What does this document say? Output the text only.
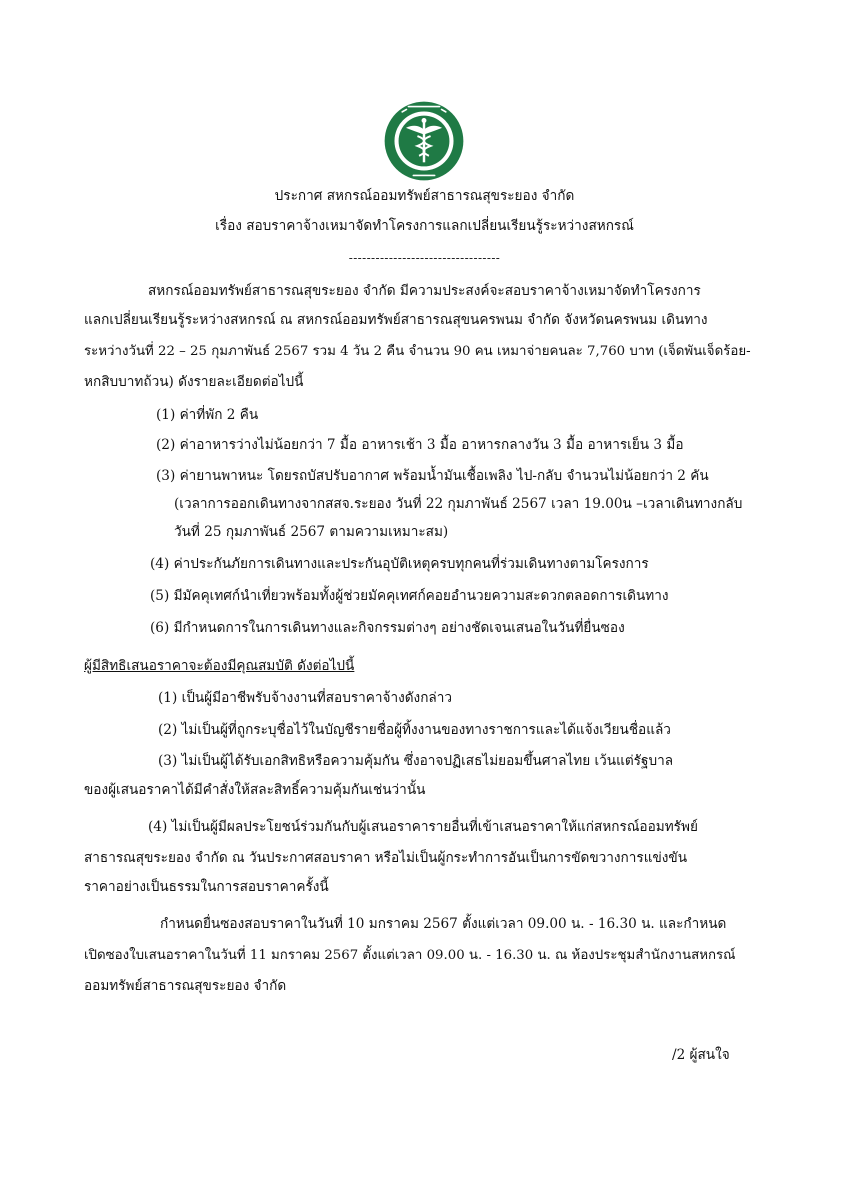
ประกาศ สหกรณ์ออมทรัพย์สาธารณสุขระยอง จำกัด
เรื่อง สอบราคาจ้างเหมาจัดทำโครงการแลกเปลี่ยนเรียนรู้ระหว่างสหกรณ์
----------------------------------
สหกรณ์ออมทรัพย์สาธารณสุขระยอง จำกัด มีความประสงค์จะสอบราคาจ้างเหมาจัดทำโครงการ
แลกเปลี่ยนเรียนรู้ระหว่างสหกรณ์ ณ สหกรณ์ออมทรัพย์สาธารณสุขนครพนม จำกัด จังหวัดนครพนม เดินทาง
ระหว่างวันที่ 22 – 25 กุมภาพันธ์ 2567 รวม 4 วัน 2 คืน จำนวน 90 คน เหมาจ่ายคนละ 7,760 บาท (เจ็ดพันเจ็ดร้อย-
หกสิบบาทถ้วน) ดังรายละเอียดต่อไปนี้
(1) ค่าที่พัก 2 คืน
(2) ค่าอาหารว่างไม่น้อยกว่า 7 มื้อ อาหารเช้า 3 มื้อ อาหารกลางวัน 3 มื้อ อาหารเย็น 3 มื้อ
(3) ค่ายานพาหนะ โดยรถบัสปรับอากาศ พร้อมน้ำมันเชื้อเพลิง ไป-กลับ จำนวนไม่น้อยกว่า 2 คัน
(เวลาการออกเดินทางจากสสจ.ระยอง วันที่ 22 กุมภาพันธ์ 2567 เวลา 19.00น –เวลาเดินทางกลับ
วันที่ 25 กุมภาพันธ์ 2567 ตามความเหมาะสม)
(4) ค่าประกันภัยการเดินทางและประกันอุบัติเหตุครบทุกคนที่ร่วมเดินทางตามโครงการ
(5) มีมัคคุเทศก์นำเที่ยวพร้อมทั้งผู้ช่วยมัคคุเทศก์คอยอำนวยความสะดวกตลอดการเดินทาง
(6) มีกำหนดการในการเดินทางและกิจกรรมต่างๆ อย่างชัดเจนเสนอในวันที่ยื่นซอง
ผู้มีสิทธิเสนอราคาจะต้องมีคุณสมบัติ ดังต่อไปนี้
(1) เป็นผู้มีอาชีพรับจ้างงานที่สอบราคาจ้างดังกล่าว
(2) ไม่เป็นผู้ที่ถูกระบุชื่อไว้ในบัญชีรายชื่อผู้ทิ้งงานของทางราชการและได้แจ้งเวียนชื่อแล้ว
(3) ไม่เป็นผู้ได้รับเอกสิทธิหรือความคุ้มกัน ซึ่งอาจปฏิเสธไม่ยอมขึ้นศาลไทย เว้นแต่รัฐบาล
ของผู้เสนอราคาได้มีคำสั่งให้สละสิทธิ์ความคุ้มกันเช่นว่านั้น
(4) ไม่เป็นผู้มีผลประโยชน์ร่วมกันกับผู้เสนอราคารายอื่นที่เข้าเสนอราคาให้แก่สหกรณ์ออมทรัพย์
สาธารณสุขระยอง จำกัด ณ วันประกาศสอบราคา หรือไม่เป็นผู้กระทำการอันเป็นการขัดขวางการแข่งขัน
ราคาอย่างเป็นธรรมในการสอบราคาครั้งนี้
กำหนดยื่นซองสอบราคาในวันที่ 10 มกราคม 2567 ตั้งแต่เวลา 09.00 น. - 16.30 น. และกำหนด
เปิดซองใบเสนอราคาในวันที่ 11 มกราคม 2567 ตั้งแต่เวลา 09.00 น. - 16.30 น. ณ ห้องประชุมสำนักงานสหกรณ์
ออมทรัพย์สาธารณสุขระยอง จำกัด
/2 ผู้สนใจ
